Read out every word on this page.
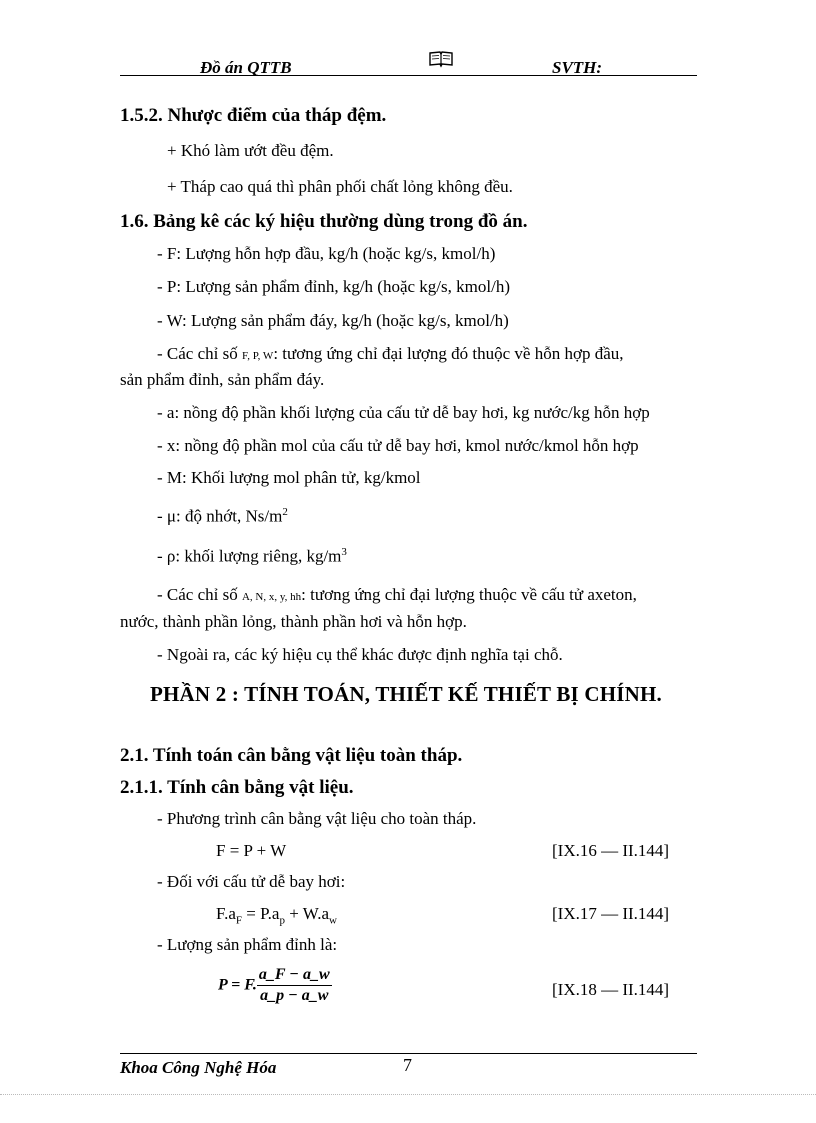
Đồ án QTTB	SVTH:
1.5.2. Nhược điểm của tháp đệm.
+ Khó làm ướt đều đệm.
+ Tháp cao quá thì phân phối chất lỏng không đều.
1.6. Bảng kê các ký hiệu thường dùng trong đồ án.
- F: Lượng hỗn hợp đầu, kg/h (hoặc kg/s, kmol/h)
- P: Lượng sản phẩm đỉnh, kg/h (hoặc kg/s, kmol/h)
- W: Lượng sản phẩm đáy, kg/h (hoặc kg/s, kmol/h)
- Các chỉ số F, P, W: tương ứng chỉ đại lượng đó thuộc về hỗn hợp đầu,
sản phẩm đỉnh, sản phẩm đáy.
- a: nồng độ phần khối lượng của cấu tử dễ bay hơi, kg nước/kg hỗn hợp
- x: nồng độ phần mol của cấu tử dễ bay hơi, kmol nước/kmol hỗn hợp
- M: Khối lượng mol phân tử, kg/kmol
- μ: độ nhớt, $Ns/m^2$
- ρ: khối lượng riêng, $kg/m^3$
- Các chỉ số A, N, x, y, hh: tương ứng chỉ đại lượng thuộc về cấu tử axeton,
nước, thành phần lỏng, thành phần hơi và hỗn hợp.
- Ngoài ra, các ký hiệu cụ thể khác được định nghĩa tại chỗ.
PHẦN 2 : TÍNH TOÁN, THIẾT KẾ THIẾT BỊ CHÍNH.
2.1. Tính toán cân bằng vật liệu toàn tháp.
2.1.1. Tính cân bằng vật liệu.
- Phương trình cân bằng vật liệu cho toàn tháp.
F = P + W	[IX.16 — II.144]
- Đối với cấu tử dễ bay hơi:
$F.a_F = P.a_p + W.a_w$	[IX.17 — II.144]
- Lượng sản phẩm đỉnh là:
P = F. $\frac{a\_F - a\_w}{a\_p - a\_w}$	[IX.18 — II.144]
Khoa Công Nghệ Hóa	7
